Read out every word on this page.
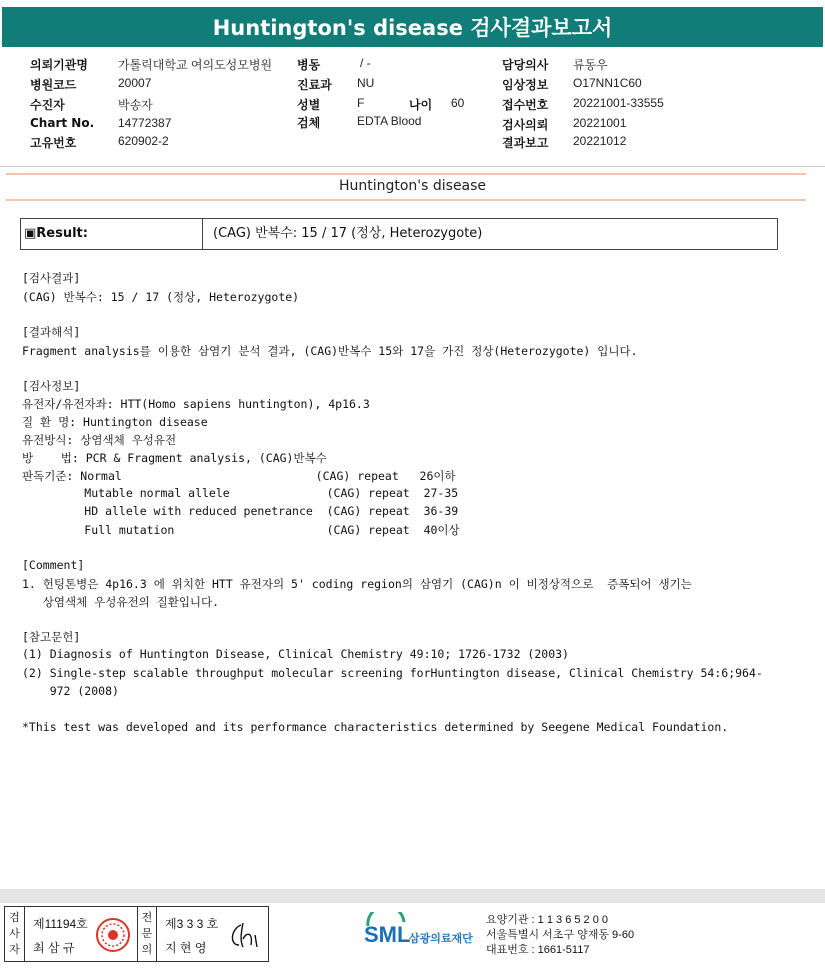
Huntington's disease 검사결과보고서
의뢰기관명	가톨릭대학교 여의도성모병원
병원코드	20007
수진자	박송자
Chart No. 14772387
고유번호	620902-2
병동	/ -
진료과 NU
성별	F	나이 60
검체	EDTA Blood
담당의사 류동우
임상정보 O17NN1C60
접수번호 20221001-33555
검사의뢰 20221001
결과보고 20221012
Huntington's disease
▣Result:	(CAG) 반복수: 15 / 17 (정상, Heterozygote)
[검사결과]
(CAG) 반복수: 15 / 17 (정상, Heterozygote)
[결과해석]
Fragment analysis를 이용한 삼염기 분석 결과, (CAG)반복수 15와 17을 가진 정상(Heterozygote) 입니다.
[검사정보]
유전자/유전자좌: HTT(Homo sapiens huntington), 4p16.3
질 환 명: Huntington disease
유전방식: 상염색체 우성유전
방    법: PCR & Fragment analysis, (CAG)반복수
판독기준: Normal                            (CAG) repeat   26이하
Mutable normal allele              (CAG) repeat  27-35
HD allele with reduced penetrance  (CAG) repeat  36-39
Full mutation                      (CAG) repeat  40이상
[Comment]
1. 헌팅톤병은 4p16.3 에 위치한 HTT 유전자의 5' coding region의 삼염기 (CAG)n 이 비정상적으로  증폭되어 생기는
상염색체 우성유전의 질환입니다.
[참고문헌]
(1) Diagnosis of Huntington Disease, Clinical Chemistry 49:10; 1726-1732 (2003)
(2) Single-step scalable throughput molecular screening forHuntington disease, Clinical Chemistry 54:6;964-
972 (2008)
*This test was developed and its performance characteristics determined by Seegene Medical Foundation.
검사자
제11194호
최 삼 규
전문의
제3 3 3 호
지 현 영
SML
삼광의료재단
요양기관 : 1 1 3 6 5 2 0 0
서울특별시 서초구 양재동 9-60
대표번호 : 1661-5117
